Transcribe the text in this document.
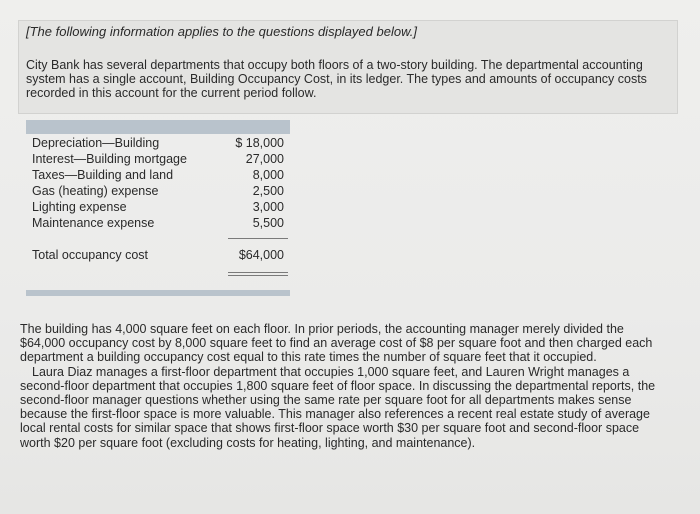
[The following information applies to the questions displayed below.]

City Bank has several departments that occupy both floors of a two-story building. The departmental accounting system has a single account, Building Occupancy Cost, in its ledger. The types and amounts of occupancy costs recorded in this account for the current period follow.

Depreciation—Building	$ 18,000
Interest—Building mortgage	27,000
Taxes—Building and land	8,000
Gas (heating) expense	2,500
Lighting expense	3,000
Maintenance expense	5,500
Total occupancy cost	$64,000

The building has 4,000 square feet on each floor. In prior periods, the accounting manager merely divided the $64,000 occupancy cost by 8,000 square feet to find an average cost of $8 per square foot and then charged each department a building occupancy cost equal to this rate times the number of square feet that it occupied.

Laura Diaz manages a first-floor department that occupies 1,000 square feet, and Lauren Wright manages a second-floor department that occupies 1,800 square feet of floor space. In discussing the departmental reports, the second-floor manager questions whether using the same rate per square foot for all departments makes sense because the first-floor space is more valuable. This manager also references a recent real estate study of average local rental costs for similar space that shows first-floor space worth $30 per square foot and second-floor space worth $20 per square foot (excluding costs for heating, lighting, and maintenance).
